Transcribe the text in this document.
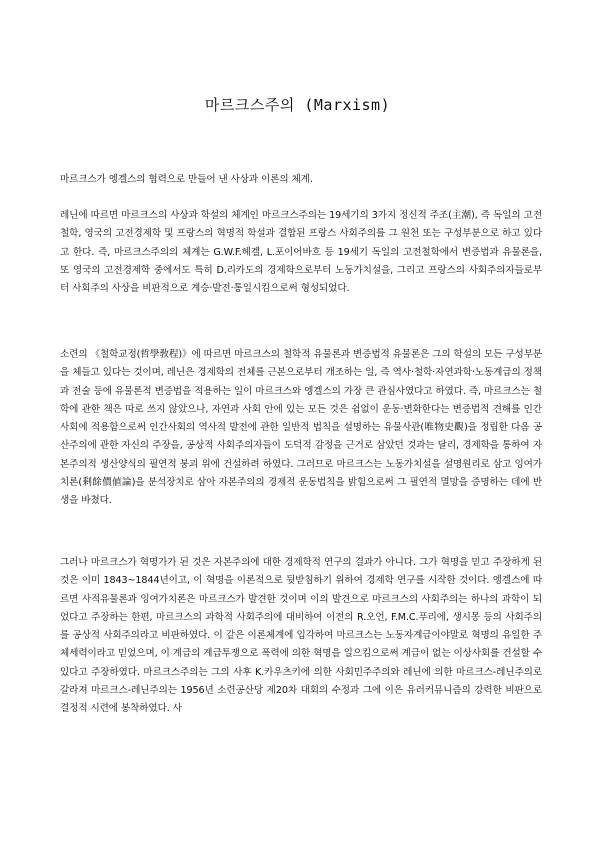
마르크스주의 (Marxism)

마르크스가 엥겔스의 협력으로 만들어 낸 사상과 이론의 체계.

레닌에 따르면 마르크스의 사상과 학설의 체계인 마르크스주의는 19세기의 3가지 정신적 주조(主潮), 즉 독일의 고전철학, 영국의 고전경제학 및 프랑스의 혁명적 학설과 결합된 프랑스 사회주의를 그 원천 또는 구성부분으로 하고 있다고 한다. 즉, 마르크스주의의 체계는 G.W.F.헤겔, L.포이어바흐 등 19세기 독일의 고전철학에서 변증법과 유물론을, 또 영국의 고전경제학 중에서도 특히 D.리카도의 경제학으로부터 노동가치설을, 그리고 프랑스의 사회주의자들로부터 사회주의 사상을 비판적으로 계승·발전·통일시킴으로써 형성되었다.

소련의 《철학교정(哲學敎程)》에 따르면 마르크스의 철학적 유물론과 변증법적 유물론은 그의 학설의 모든 구성부분을 체들고 있다는 것이며, 레닌은 경제학의 전체를 근본으로부터 개조하는 일, 즉 역사·철학·자연과학·노동계급의 정책과 전술 등에 유물론적 변증법을 적용하는 일이 마르크스와 엥겔스의 가장 큰 관심사였다고 하였다. 즉, 마르크스는 철학에 관한 책은 따로 쓰지 않았으나, 자연과 사회 안에 있는 모든 것은 쉼없이 운동·변화한다는 변증법적 견해를 인간사회에 적용함으로써 인간사회의 역사적 발전에 관한 일반적 법칙을 설명하는 유물사관(唯物史觀)을 정립한 다음 공산주의에 관한 자신의 주장을, 공상적 사회주의자들이 도덕적 감정을 근거로 삼았던 것과는 달리, 경제학을 통하여 자본주의적 생산양식의 필연적 붕괴 위에 건설하려 하였다. 그러므로 마르크스는 노동가치설을 설명원리로 삼고 잉여가치론(剩餘價値論)을 분석장치로 삼아 자본주의의 경제적 운동법칙을 밝힘으로써 그 필연적 멸망을 증명하는 데에 반생을 바쳤다.

그러나 마르크스가 혁명가가 된 것은 자본주의에 대한 경제학적 연구의 결과가 아니다. 그가 혁명을 믿고 주장하게 된 것은 이미 1843~1844년이고, 이 혁명을 이론적으로 뒷받침하기 위하여 경제학 연구를 시작한 것이다. 엥겔스에 따르면 사적유물론과 잉여가치론은 마르크스가 발견한 것이며 이의 발견으로 마르크스의 사회주의는 하나의 과학이 되었다고 주장하는 한편, 마르크스의 과학적 사회주의에 대비하여 이전의 R.오언, F.M.C.푸리에, 생시몽 등의 사회주의를 공상적 사회주의라고 비판하였다. 이 같은 이론체계에 입각하여 마르크스는 노동자계급이야말로 혁명의 유일한 주체세력이라고 믿었으며, 이 계급의 계급투쟁으로 폭력에 의한 혁명을 일으킴으로써 계급이 없는 이상사회를 건설할 수 있다고 주장하였다. 마르크스주의는 그의 사후 K.카우츠키에 의한 사회민주주의와 레닌에 의한 마르크스-레닌주의로 갈라져 마르크스-레닌주의는 1956년 소련공산당 제20차 대회의 수정과 그에 이은 유러커뮤니즘의 강력한 비판으로 결정적 시련에 봉착하였다. 사
